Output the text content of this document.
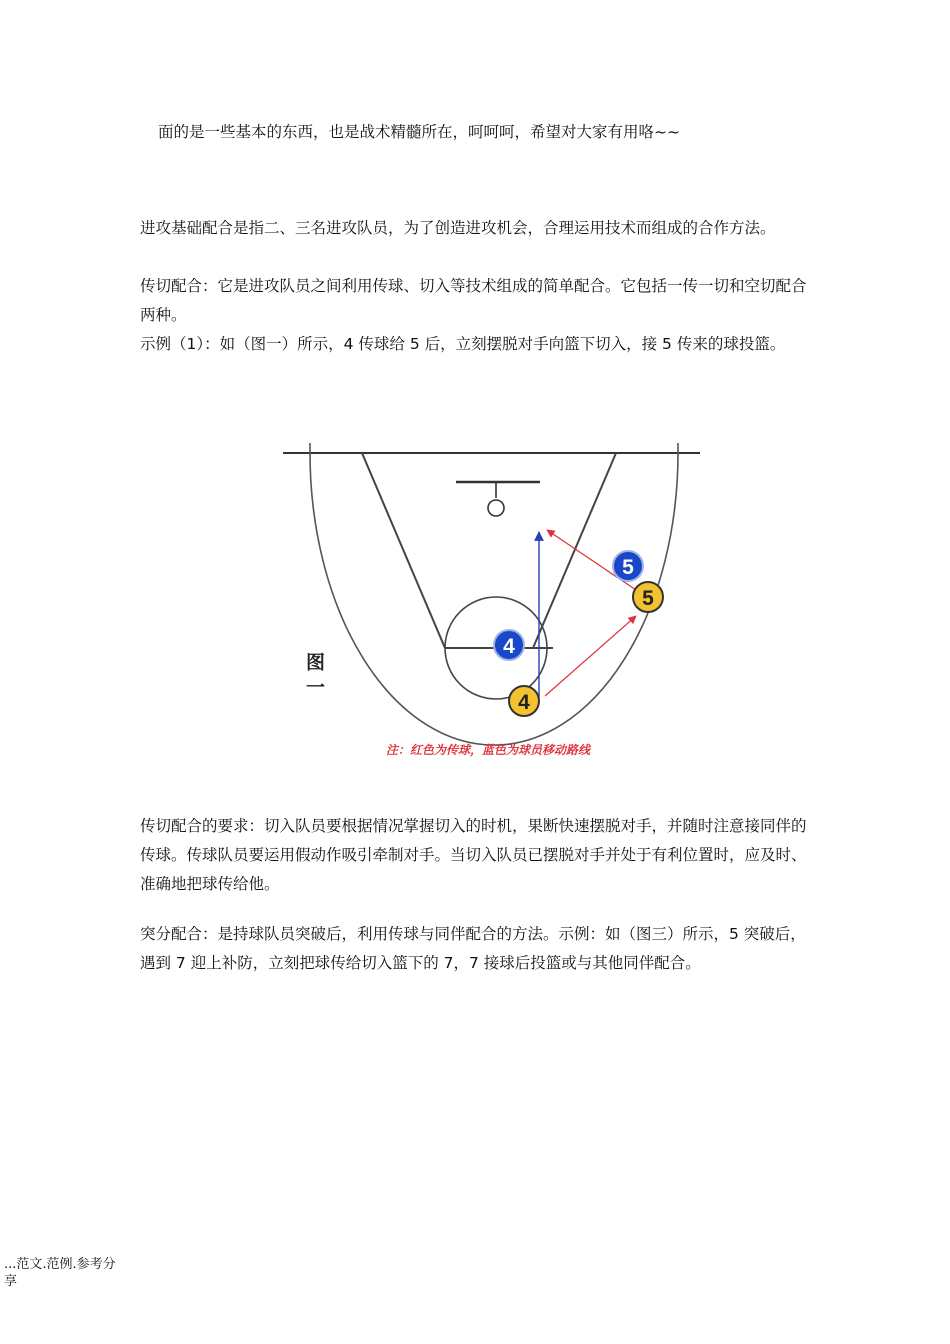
面的是一些基本的东西，也是战术精髓所在，呵呵呵，希望对大家有用咯~~

进攻基础配合是指二、三名进攻队员，为了创造进攻机会，合理运用技术而组成的合作方法。

传切配合：它是进攻队员之间利用传球、切入等技术组成的简单配合。它包括一传一切和空切配合两种。

示例（1）：如（图一）所示，4 传球给 5 后，立刻摆脱对手向篮下切入，接 5 传来的球投篮。

4
5
4
5
图一
注：红色为传球，蓝色为球员移动路线

传切配合的要求：切入队员要根据情况掌握切入的时机，果断快速摆脱对手，并随时注意接同伴的传球。传球队员要运用假动作吸引牵制对手。当切入队员已摆脱对手并处于有利位置时，应及时、准确地把球传给他。

突分配合：是持球队员突破后，利用传球与同伴配合的方法。示例：如（图三）所示，5 突破后，遇到 7 迎上补防，立刻把球传给切入篮下的 7，7 接球后投篮或与其他同伴配合。

...范文.范例.参考分享
